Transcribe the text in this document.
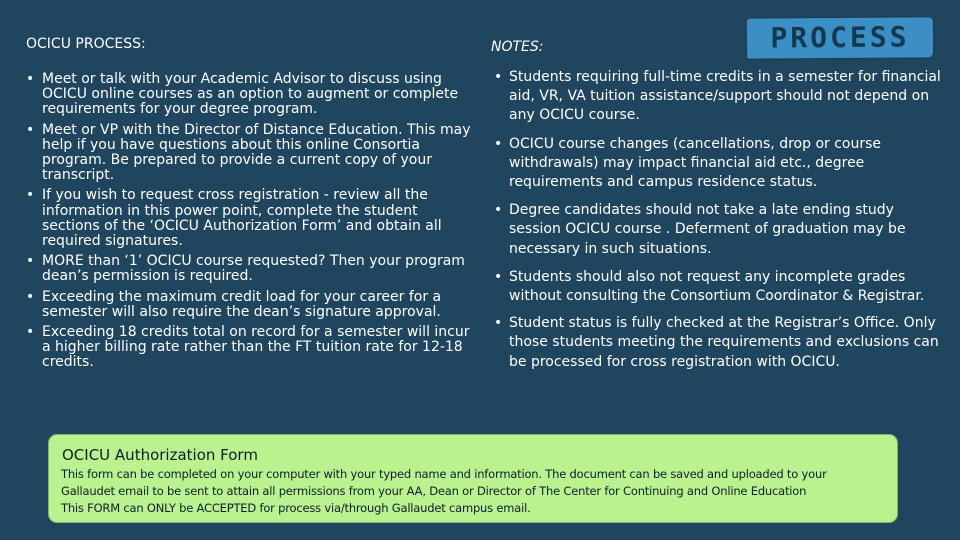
OCICU PROCESS:	NOTES:	PROCESS
• Meet or talk with your Academic Advisor to discuss using OCICU online courses as an option to augment or complete requirements for your degree program.
• Meet or VP with the Director of Distance Education. This may help if you have questions about this online Consortia program. Be prepared to provide a current copy of your transcript.
• If you wish to request cross registration - review all the information in this power point, complete the student sections of the ‘OCICU Authorization Form’ and obtain all required signatures.
• MORE than ‘1’ OCICU course requested? Then your program dean’s permission is required.
• Exceeding the maximum credit load for your career for a semester will also require the dean’s signature approval.
• Exceeding 18 credits total on record for a semester will incur a higher billing rate rather than the FT tuition rate for 12-18 credits.
• Students requiring full-time credits in a semester for financial aid, VR, VA tuition assistance/support should not depend on any OCICU course.
• OCICU course changes (cancellations, drop or course withdrawals) may impact financial aid etc., degree requirements and campus residence status.
• Degree candidates should not take a late ending study session OCICU course . Deferment of graduation may be necessary in such situations.
• Students should also not request any incomplete grades without consulting the Consortium Coordinator & Registrar.
• Student status is fully checked at the Registrar’s Office. Only those students meeting the requirements and exclusions can be processed for cross registration with OCICU.
OCICU Authorization Form
This form can be completed on your computer with your typed name and information. The document can be saved and uploaded to your
Gallaudet email to be sent to attain all permissions from your AA, Dean or Director of The Center for Continuing and Online Education
This FORM can ONLY be ACCEPTED for process via/through Gallaudet campus email.
